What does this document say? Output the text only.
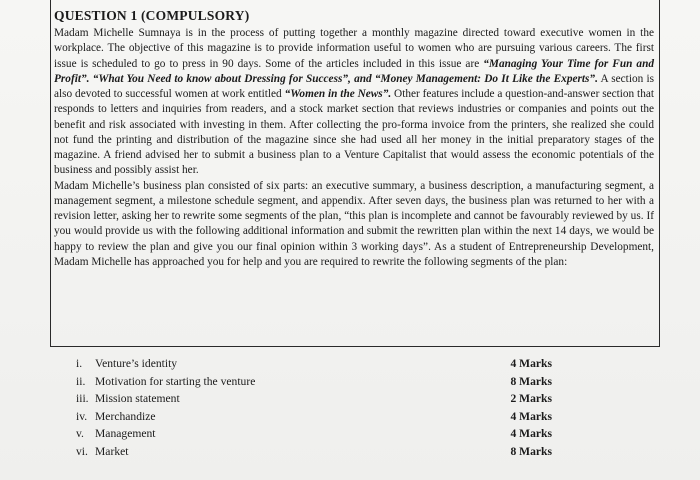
QUESTION 1 (COMPULSORY)

Madam Michelle Sumnaya is in the process of putting together a monthly magazine directed toward executive women in the workplace. The objective of this magazine is to provide information useful to women who are pursuing various careers. The first issue is scheduled to go to press in 90 days. Some of the articles included in this issue are “Managing Your Time for Fun and Profit”. “What You Need to know about Dressing for Success”, and “Money Management: Do It Like the Experts”. A section is also devoted to successful women at work entitled “Women in the News”. Other features include a question-and-answer section that responds to letters and inquiries from readers, and a stock market section that reviews industries or companies and points out the benefit and risk associated with investing in them. After collecting the pro-forma invoice from the printers, she realized she could not fund the printing and distribution of the magazine since she had used all her money in the initial preparatory stages of the magazine. A friend advised her to submit a business plan to a Venture Capitalist that would assess the economic potentials of the business and possibly assist her.
Madam Michelle’s business plan consisted of six parts: an executive summary, a business description, a manufacturing segment, a management segment, a milestone schedule segment, and appendix. After seven days, the business plan was returned to her with a revision letter, asking her to rewrite some segments of the plan, “this plan is incomplete and cannot be favourably reviewed by us. If you would provide us with the following additional information and submit the rewritten plan within the next 14 days, we would be happy to review the plan and give you our final opinion within 3 working days”. As a student of Entrepreneurship Development, Madam Michelle has approached you for help and you are required to rewrite the following segments of the plan:

i.	Venture’s identity	4 Marks
ii. Motivation for starting the venture	8 Marks
iii. Mission statement	2 Marks
iv. Merchandize	4 Marks
v. Management	4 Marks
vi. Market	8 Marks
